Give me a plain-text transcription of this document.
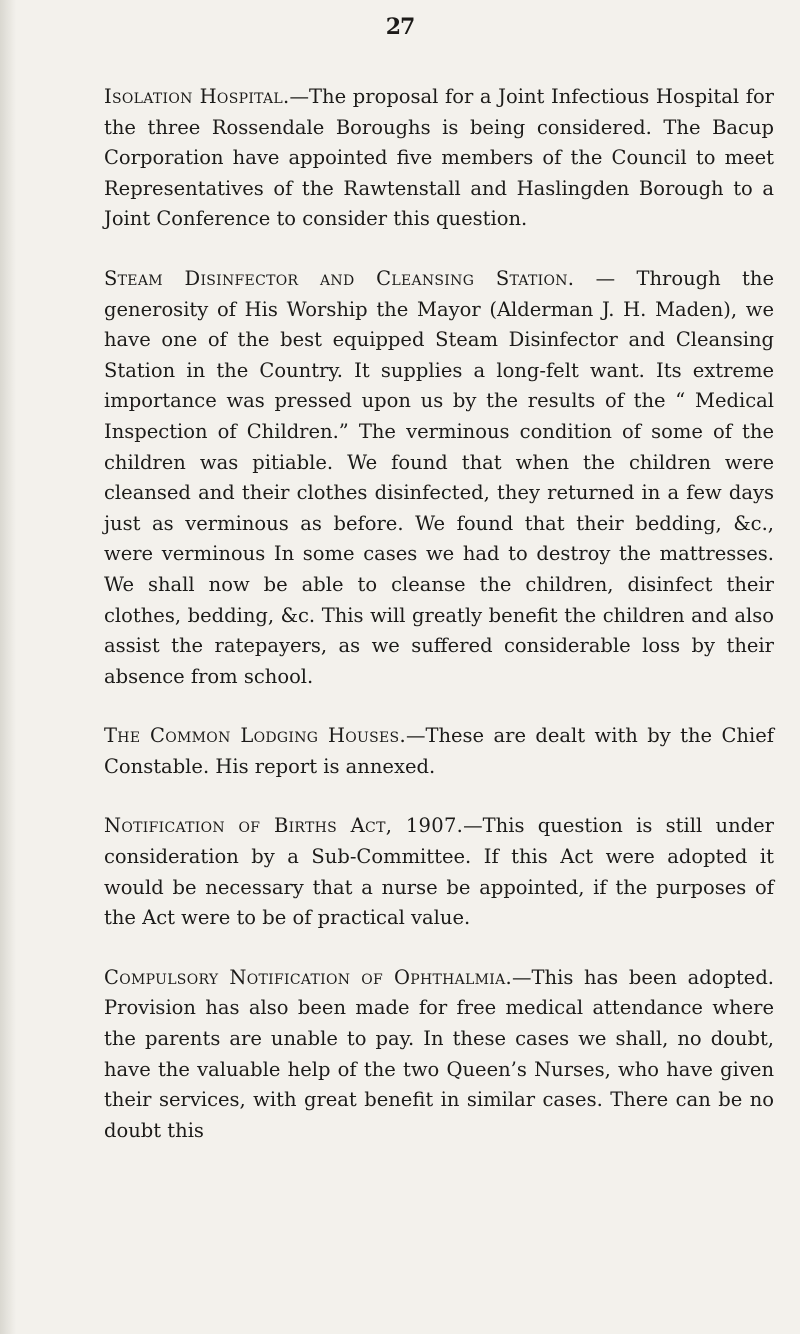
27

Isolation Hospital.—The proposal for a Joint Infectious Hospital for the three Rossendale Boroughs is being considered. The Bacup Corporation have appointed five members of the Council to meet Representatives of the Rawtenstall and Haslingden Borough to a Joint Conference to consider this question.

Steam Disinfector and Cleansing Station. — Through the generosity of His Worship the Mayor (Alderman J. H. Maden), we have one of the best equipped Steam Disinfector and Cleansing Station in the Country. It supplies a long-felt want. Its extreme importance was pressed upon us by the results of the “ Medical Inspection of Children.” The verminous condition of some of the children was pitiable. We found that when the children were cleansed and their clothes disinfected, they returned in a few days just as verminous as before. We found that their bedding, &c., were verminous In some cases we had to destroy the mattresses. We shall now be able to cleanse the children, disinfect their clothes, bedding, &c. This will greatly benefit the children and also assist the ratepayers, as we suffered considerable loss by their absence from school.

The Common Lodging Houses.—These are dealt with by the Chief Constable. His report is annexed.

Notification of Births Act, 1907.—This question is still under consideration by a Sub-Committee. If this Act were adopted it would be necessary that a nurse be appointed, if the purposes of the Act were to be of practical value.

Compulsory Notification of Ophthalmia.—This has been adopted. Provision has also been made for free medical attendance where the parents are unable to pay. In these cases we shall, no doubt, have the valuable help of the two Queen’s Nurses, who have given their services, with great benefit in similar cases. There can be no doubt this
